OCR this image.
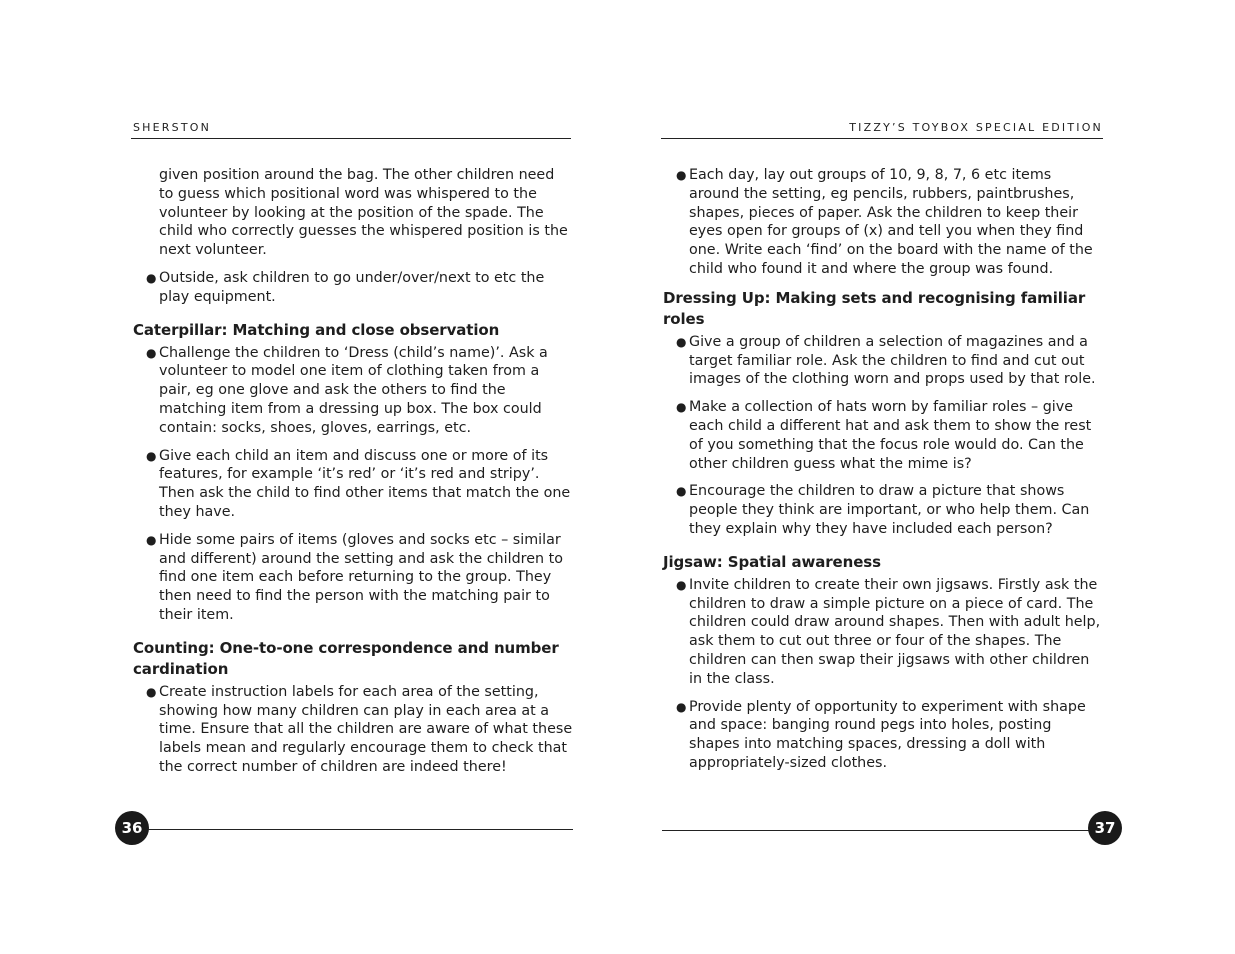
SHERSTON

given position around the bag. The other children need to guess which positional word was whispered to the volunteer by looking at the position of the spade. The child who correctly guesses the whispered position is the next volunteer.

● Outside, ask children to go under/over/next to etc the play equipment.
Caterpillar: Matching and close observation
● Challenge the children to ‘Dress (child’s name)’. Ask a volunteer to model one item of clothing taken from a pair, eg one glove and ask the others to find the matching item from a dressing up box. The box could contain: socks, shoes, gloves, earrings, etc.
● Give each child an item and discuss one or more of its features, for example ‘it’s red’ or ‘it’s red and stripy’. Then ask the child to find other items that match the one they have.
● Hide some pairs of items (gloves and socks etc – similar and different) around the setting and ask the children to find one item each before returning to the group. They then need to find the person with the matching pair to their item.
Counting: One-to-one correspondence and number cardination
● Create instruction labels for each area of the setting, showing how many children can play in each area at a time. Ensure that all the children are aware of what these labels mean and regularly encourage them to check that the correct number of children are indeed there!
36
TIZZY’S TOYBOX SPECIAL EDITION
● Each day, lay out groups of 10, 9, 8, 7, 6 etc items around the setting, eg pencils, rubbers, paintbrushes, shapes, pieces of paper. Ask the children to keep their eyes open for groups of (x) and tell you when they find one. Write each ‘find’ on the board with the name of the child who found it and where the group was found.
Dressing Up: Making sets and recognising familiar roles
● Give a group of children a selection of magazines and a target familiar role. Ask the children to find and cut out images of the clothing worn and props used by that role.
● Make a collection of hats worn by familiar roles – give each child a different hat and ask them to show the rest of you something that the focus role would do. Can the other children guess what the mime is?
● Encourage the children to draw a picture that shows people they think are important, or who help them. Can they explain why they have included each person?
Jigsaw: Spatial awareness
● Invite children to create their own jigsaws. Firstly ask the children to draw a simple picture on a piece of card. The children could draw around shapes. Then with adult help, ask them to cut out three or four of the shapes. The children can then swap their jigsaws with other children in the class.
● Provide plenty of opportunity to experiment with shape and space: banging round pegs into holes, posting shapes into matching spaces, dressing a doll with appropriately-sized clothes.
37
